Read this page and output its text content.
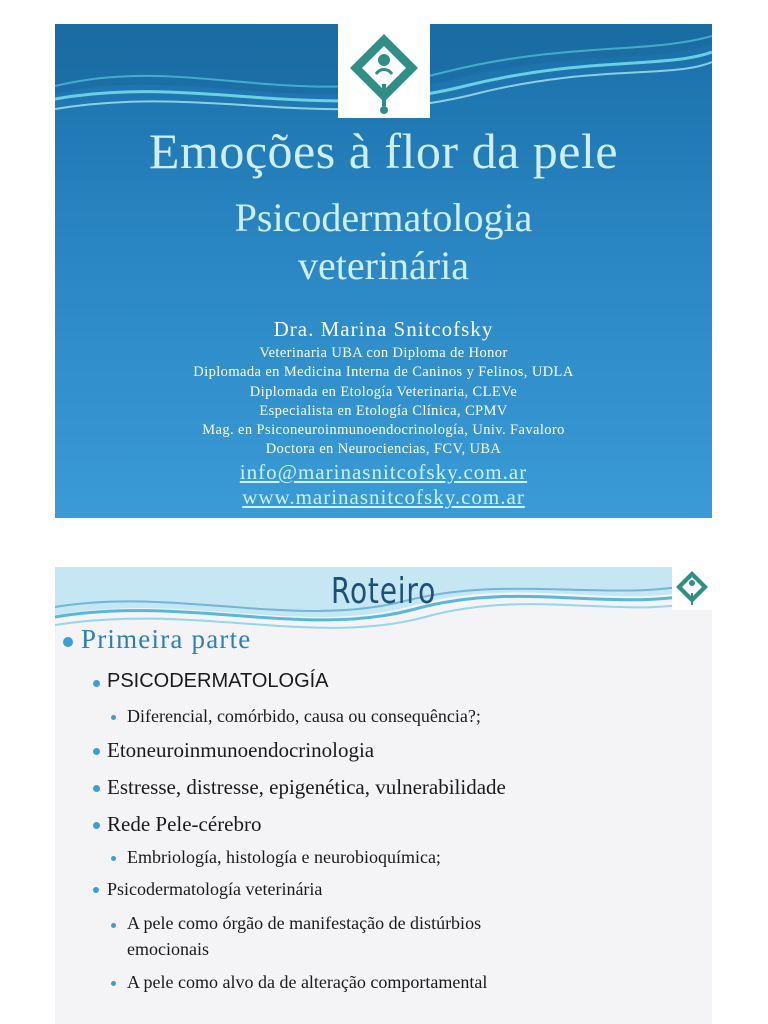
Emoções à flor da pele
Psicodermatologia
veterinária
Dra. Marina Snitcofsky
Veterinaria UBA con Diploma de Honor
Diplomada en Medicina Interna de Caninos y Felinos, UDLA
Diplomada en Etología Veterinaria, CLEVe
Especialista en Etología Clínica, CPMV
Mag. en Psiconeuroinmunoendocrinología, Univ. Favaloro
Doctora en Neurociencias, FCV, UBA
info@marinasnitcofsky.com.ar
www.marinasnitcofsky.com.ar
Roteiro
Primeira parte
PSICODERMATOLOGÍA
Diferencial, comórbido, causa ou consequência?;
Etoneuroinmunoendocrinologia
Estresse, distresse, epigenética, vulnerabilidade
Rede Pele-cérebro
Embriología, histología e neurobioquímica;
Psicodermatología veterinária
A pele como órgão de manifestação de distúrbios
emocionais
A pele como alvo da de alteração comportamental
